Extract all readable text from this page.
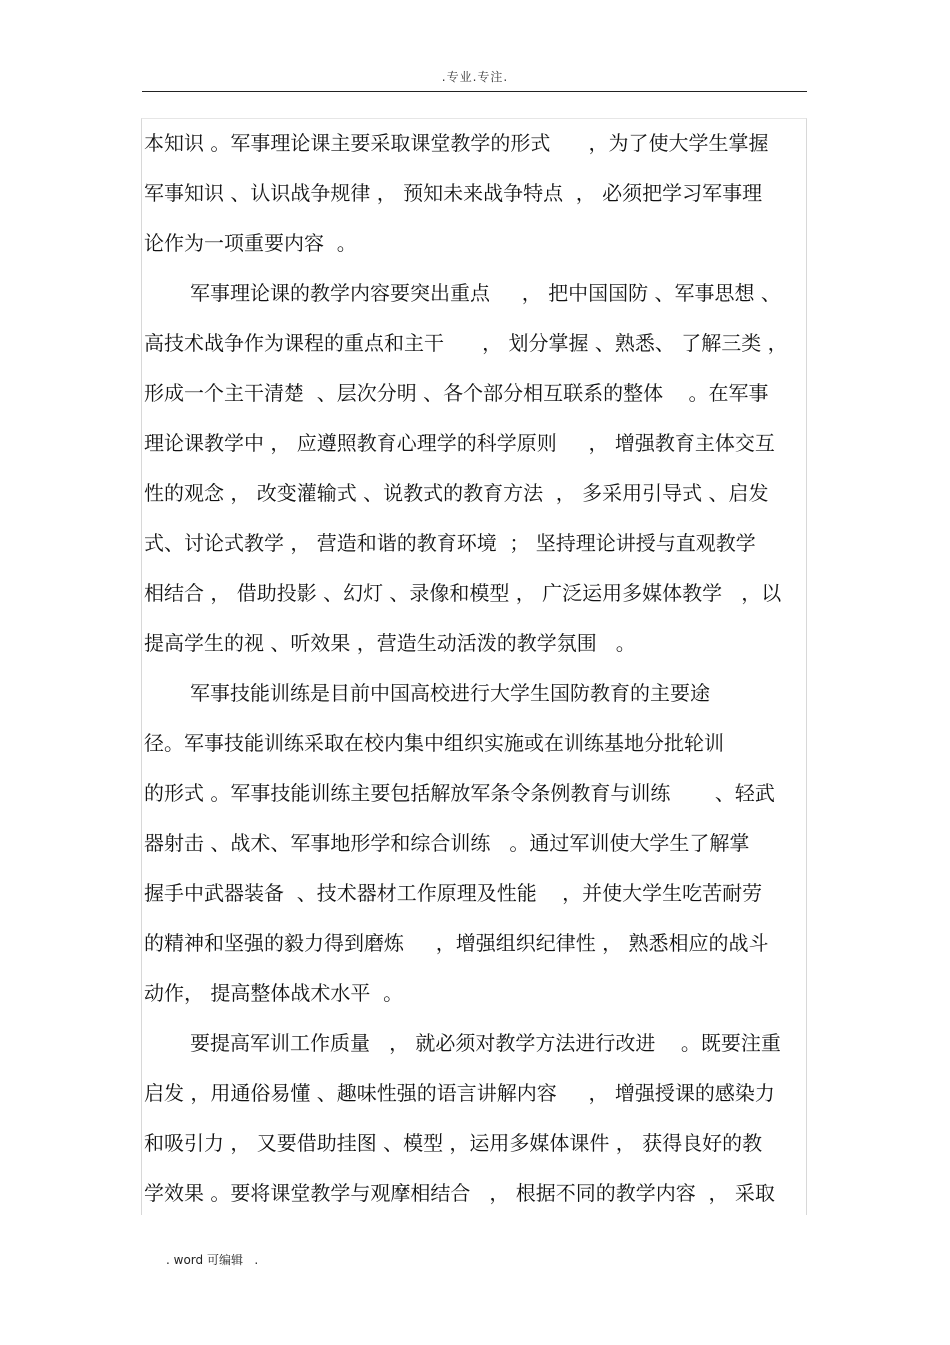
.专业.专注.
本知识 。军事理论课主要采取课堂教学的形式      ，为了使大学生掌握
军事知识 、认识战争规律 ， 预知未来战争特点  ， 必须把学习军事理
论作为一项重要内容  。
军事理论课的教学内容要突出重点     ， 把中国国防 、军事思想 、
高技术战争作为课程的重点和主干      ， 划分掌握 、熟悉、 了解三类 ，
形成一个主干清楚  、层次分明 、各个部分相互联系的整体    。在军事
理论课教学中 ， 应遵照教育心理学的科学原则     ， 增强教育主体交互
性的观念 ， 改变灌输式 、说教式的教育方法  ， 多采用引导式 、启发
式、讨论式教学 ， 营造和谐的教育环境  ； 坚持理论讲授与直观教学
相结合 ， 借助投影 、幻灯 、录像和模型 ， 广泛运用多媒体教学   ，以
提高学生的视 、听效果 ，营造生动活泼的教学氛围   。
军事技能训练是目前中国高校进行大学生国防教育的主要途
径。军事技能训练采取在校内集中组织实施或在训练基地分批轮训
的形式 。军事技能训练主要包括解放军条令条例教育与训练       、轻武
器射击 、战术、军事地形学和综合训练   。通过军训使大学生了解掌
握手中武器装备  、技术器材工作原理及性能    ，并使大学生吃苦耐劳
的精神和坚强的毅力得到磨炼     ，增强组织纪律性 ， 熟悉相应的战斗
动作， 提高整体战术水平  。
要提高军训工作质量   ， 就必须对教学方法进行改进    。既要注重
启发 ，用通俗易懂 、趣味性强的语言讲解内容     ， 增强授课的感染力
和吸引力 ， 又要借助挂图 、模型 ，运用多媒体课件 ， 获得良好的教
学效果 。要将课堂教学与观摩相结合   ， 根据不同的教学内容  ， 采取
. word 可编辑   .
